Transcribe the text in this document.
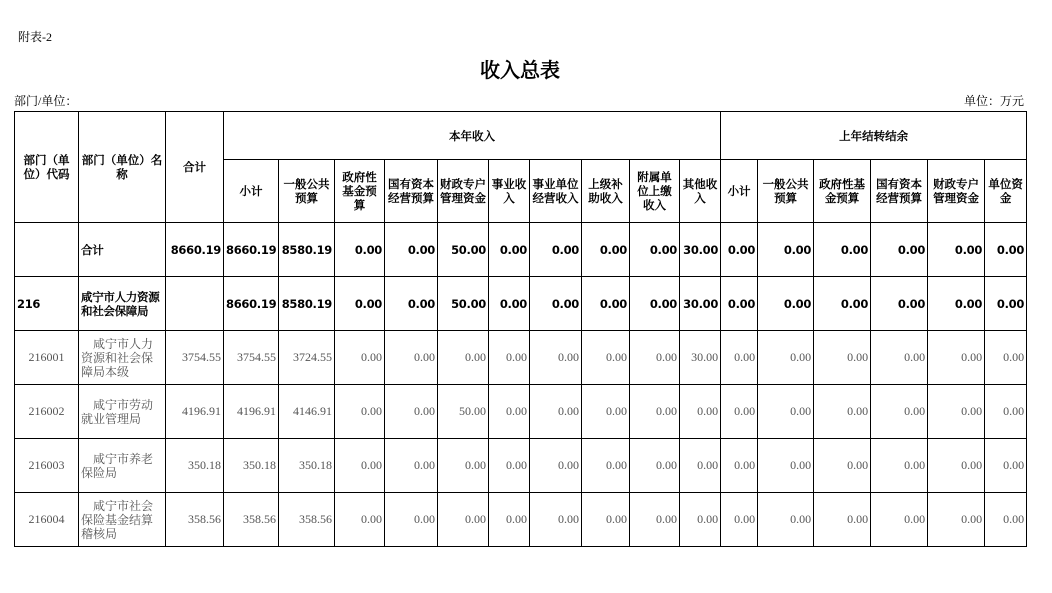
附表-2
收入总表
部门/单位：	单位：万元
部门（单位）代码	部门（单位）名称	合计	本年收入										上年结转结余					
			小计	一般公共预算	政府性基金预算	国有资本经营预算	财政专户管理资金	事业收入	事业单位经营收入	上级补助收入	附属单位上缴收入	其他收入	小计	一般公共预算	政府性基金预算	国有资本经营预算	财政专户管理资金	单位资金
	合计	8660.19	8660.19	8580.19	0.00	0.00	50.00	0.00	0.00	0.00	0.00	30.00	0.00	0.00	0.00	0.00	0.00	0.00
216	咸宁市人力资源和社会保障局		8660.19	8580.19	0.00	0.00	50.00	0.00	0.00	0.00	0.00	30.00	0.00	0.00	0.00	0.00	0.00	0.00
216001	咸宁市人力资源和社会保障局本级	3754.55	3754.55	3724.55	0.00	0.00	0.00	0.00	0.00	0.00	0.00	30.00	0.00	0.00	0.00	0.00	0.00	0.00
216002	咸宁市劳动就业管理局	4196.91	4196.91	4146.91	0.00	0.00	50.00	0.00	0.00	0.00	0.00	0.00	0.00	0.00	0.00	0.00	0.00	0.00
216003	咸宁市养老保险局	350.18	350.18	350.18	0.00	0.00	0.00	0.00	0.00	0.00	0.00	0.00	0.00	0.00	0.00	0.00	0.00	0.00
216004	咸宁市社会保险基金结算稽核局	358.56	358.56	358.56	0.00	0.00	0.00	0.00	0.00	0.00	0.00	0.00	0.00	0.00	0.00	0.00	0.00	0.00
